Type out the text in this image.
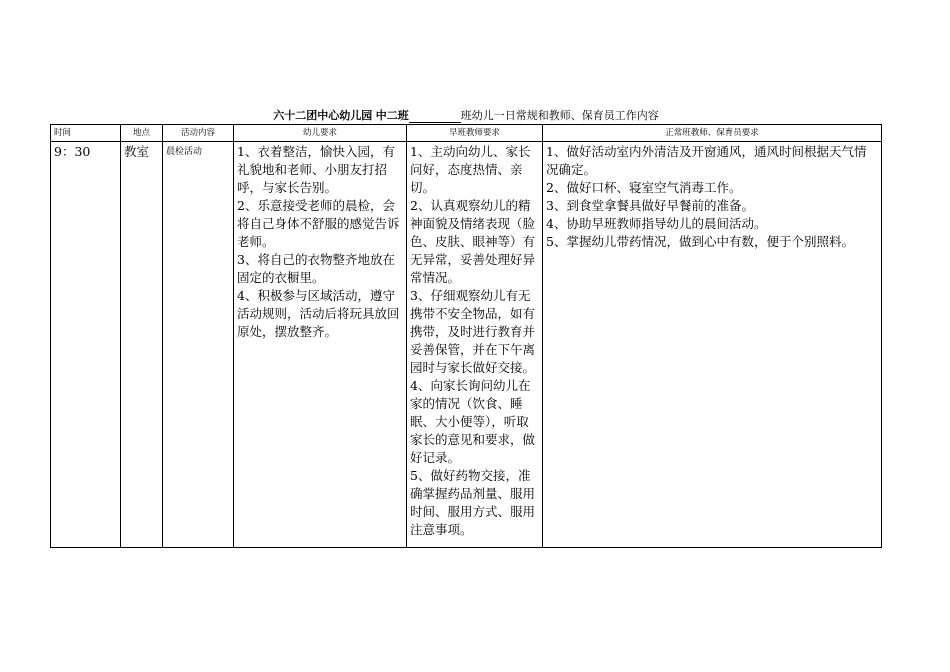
六十二团中心幼儿园 中二班	班幼儿一日常规和教师、保育员工作内容
时间	地点	活动内容	幼儿要求	早班教师要求	正常班教师、保育员要求
9：30	教室	晨检活动	1、衣着整洁，愉快入园，有礼貌地和老师、小朋友打招呼，与家长告别。
2、乐意接受老师的晨检，会将自己身体不舒服的感觉告诉老师。
3、将自己的衣物整齐地放在固定的衣橱里。
4、积极参与区域活动，遵守活动规则，活动后将玩具放回原处，摆放整齐。	1、主动向幼儿、家长问好，态度热情、亲切。
2、认真观察幼儿的精神面貌及情绪表现（脸色、皮肤、眼神等）有无异常，妥善处理好异常情况。
3、仔细观察幼儿有无携带不安全物品，如有携带，及时进行教育并妥善保管，并在下午离园时与家长做好交接。
4、向家长询问幼儿在家的情况（饮食、睡眠、大小便等），听取家长的意见和要求，做好记录。
5、做好药物交接，准确掌握药品剂量、服用时间、服用方式、服用注意事项。	1、做好活动室内外清洁及开窗通风，通风时间根据天气情况确定。
2、做好口杯、寝室空气消毒工作。
3、到食堂拿餐具做好早餐前的准备。
4、协助早班教师指导幼儿的晨间活动。
5、掌握幼儿带药情况，做到心中有数，便于个别照料。
